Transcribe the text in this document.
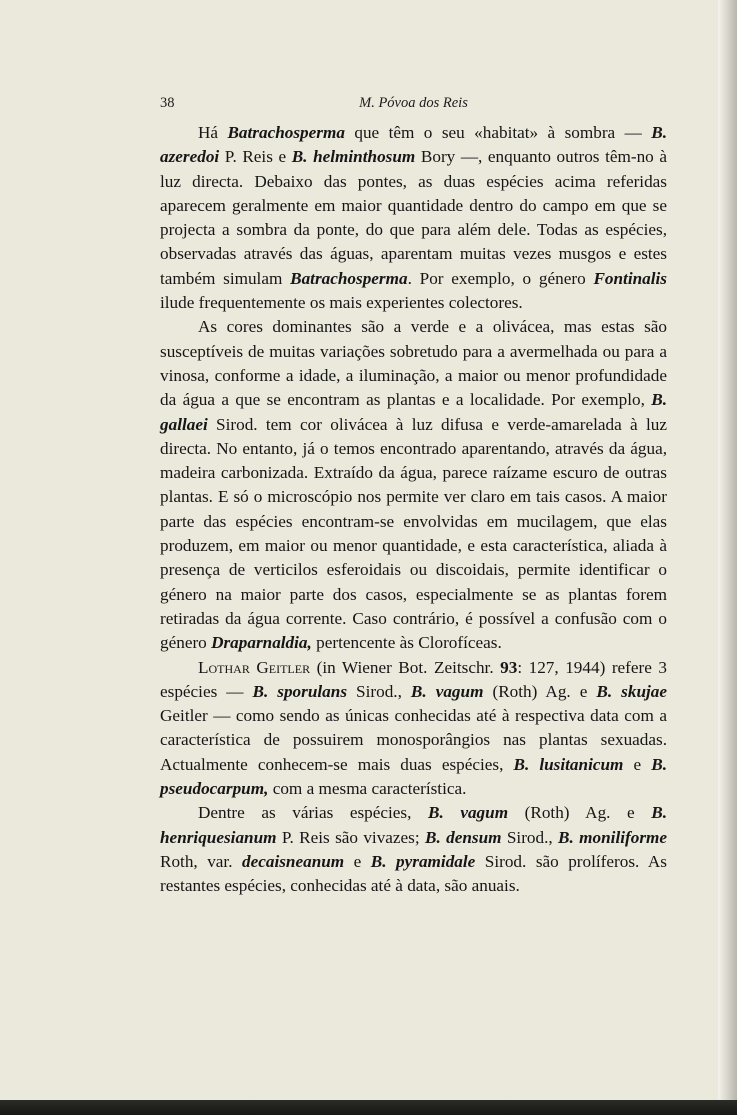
38	M. Póvoa dos Reis

Há Batrachosperma que têm o seu «habitat» à sombra — B. azeredoi P. Reis e B. helminthosum Bory —, enquanto outros têm-no à luz directa. Debaixo das pontes, as duas espécies acima referidas aparecem geralmente em maior quantidade dentro do campo em que se projecta a sombra da ponte, do que para além dele. Todas as espécies, observadas através das águas, aparentam muitas vezes musgos e estes também simulam Batrachosperma. Por exemplo, o género Fontinalis ilude frequentemente os mais experientes colectores.

As cores dominantes são a verde e a olivácea, mas estas são susceptíveis de muitas variações sobretudo para a avermelhada ou para a vinosa, conforme a idade, a iluminação, a maior ou menor profundidade da água a que se encontram as plantas e a localidade. Por exemplo, B. gallaei Sirod. tem cor olivácea à luz difusa e verde-amarelada à luz directa. No entanto, já o temos encontrado aparentando, através da água, madeira carbonizada. Extraído da água, parece raízame escuro de outras plantas. E só o microscópio nos permite ver claro em tais casos. A maior parte das espécies encontram-se envolvidas em mucilagem, que elas produzem, em maior ou menor quantidade, e esta característica, aliada à presença de verticilos esferoidais ou discoidais, permite identificar o género na maior parte dos casos, especialmente se as plantas forem retiradas da água corrente. Caso contrário, é possível a confusão com o género Draparnaldia, pertencente às Clorofíceas.

Lothar Geitler (in Wiener Bot. Zeitschr. 93: 127, 1944) refere 3 espécies — B. sporulans Sirod., B. vagum (Roth) Ag. e B. skujae Geitler — como sendo as únicas conhecidas até à respectiva data com a característica de possuirem monosporângios nas plantas sexuadas. Actualmente conhecem-se mais duas espécies, B. lusitanicum e B. pseudocarpum, com a mesma característica.

Dentre as várias espécies, B. vagum (Roth) Ag. e B. henriquesianum P. Reis são vivazes; B. densum Sirod., B. moniliforme Roth, var. decaisneanum e B. pyramidale Sirod. são prolíferos. As restantes espécies, conhecidas até à data, são anuais.
